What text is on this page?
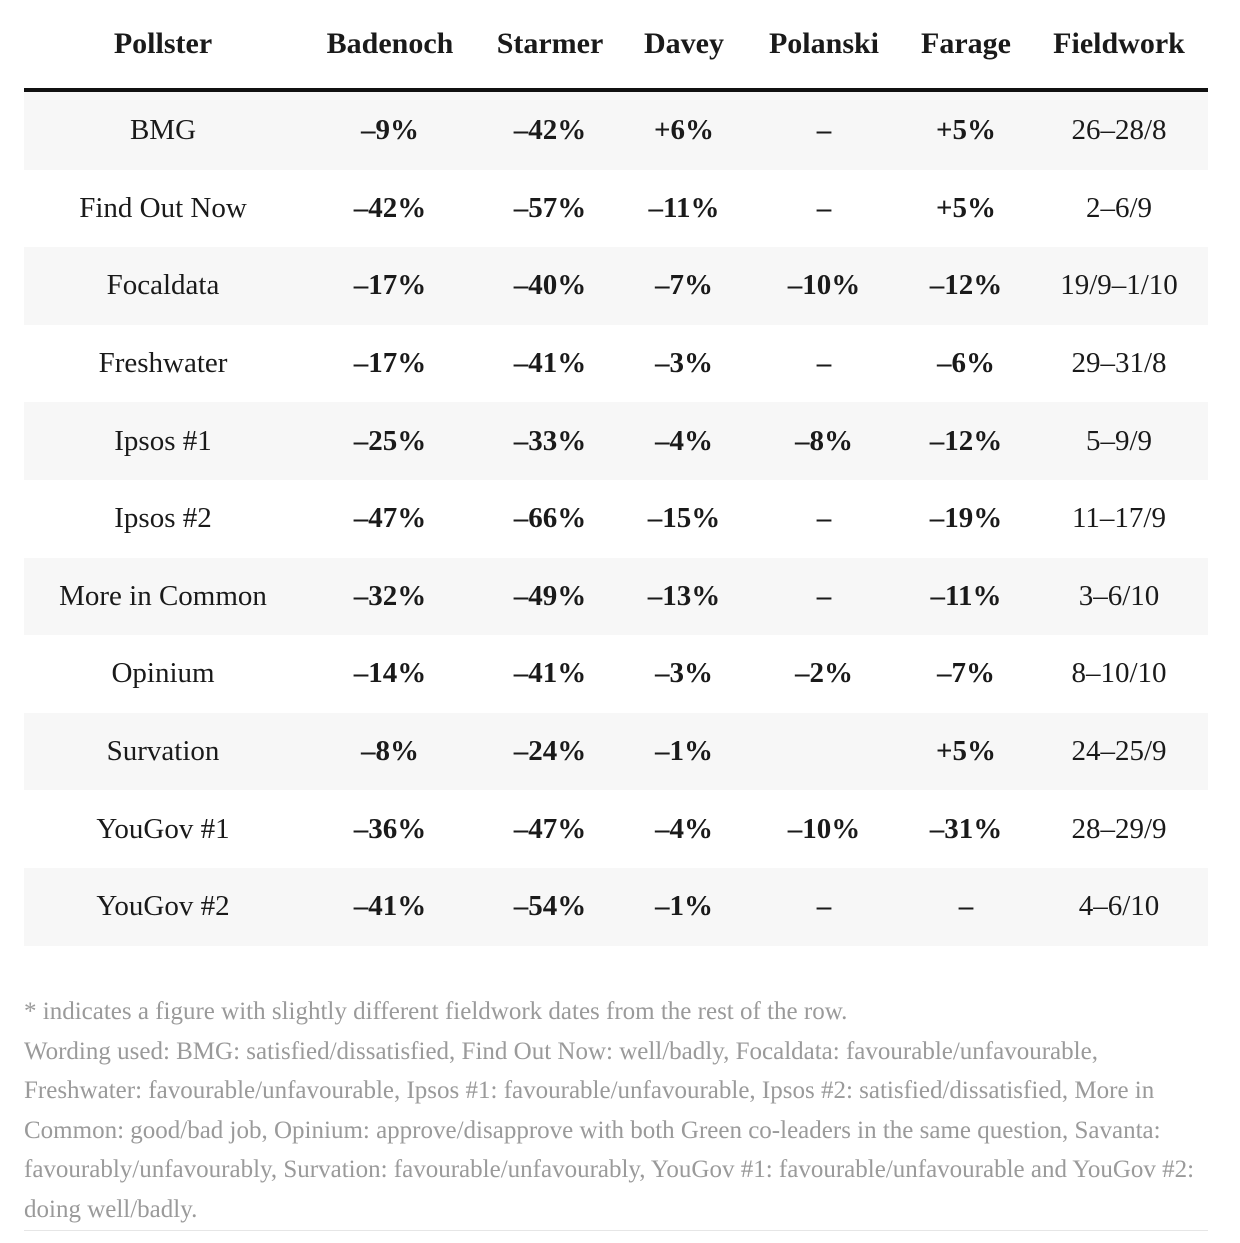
Pollster	Badenoch	Starmer	Davey	Polanski	Farage	Fieldwork
BMG	–9%	–42%	+6%	–	+5%	26–28/8
Find Out Now	–42%	–57%	–11%	–	+5%	2–6/9
Focaldata	–17%	–40%	–7%	–10%	–12%	19/9–1/10
Freshwater	–17%	–41%	–3%	–	–6%	29–31/8
Ipsos #1	–25%	–33%	–4%	–8%	–12%	5–9/9
Ipsos #2	–47%	–66%	–15%	–	–19%	11–17/9
More in Common	–32%	–49%	–13%	–	–11%	3–6/10
Opinium	–14%	–41%	–3%	–2%	–7%	8–10/10
Survation	–8%	–24%	–1%		+5%	24–25/9
YouGov #1	–36%	–47%	–4%	–10%	–31%	28–29/9
YouGov #2	–41%	–54%	–1%	–	–	4–6/10

* indicates a figure with slightly different fieldwork dates from the rest of the row.

Wording used: BMG: satisfied/dissatisfied, Find Out Now: well/badly, Focaldata: favourable/unfavourable, Freshwater: favourable/unfavourable, Ipsos #1: favourable/unfavourable, Ipsos #2: satisfied/dissatisfied, More in Common: good/bad job, Opinium: approve/disapprove with both Green co-leaders in the same question, Savanta: favourably/unfavourably, Survation: favourable/unfavourably, YouGov #1: favourable/unfavourable and YouGov #2: doing well/badly.
